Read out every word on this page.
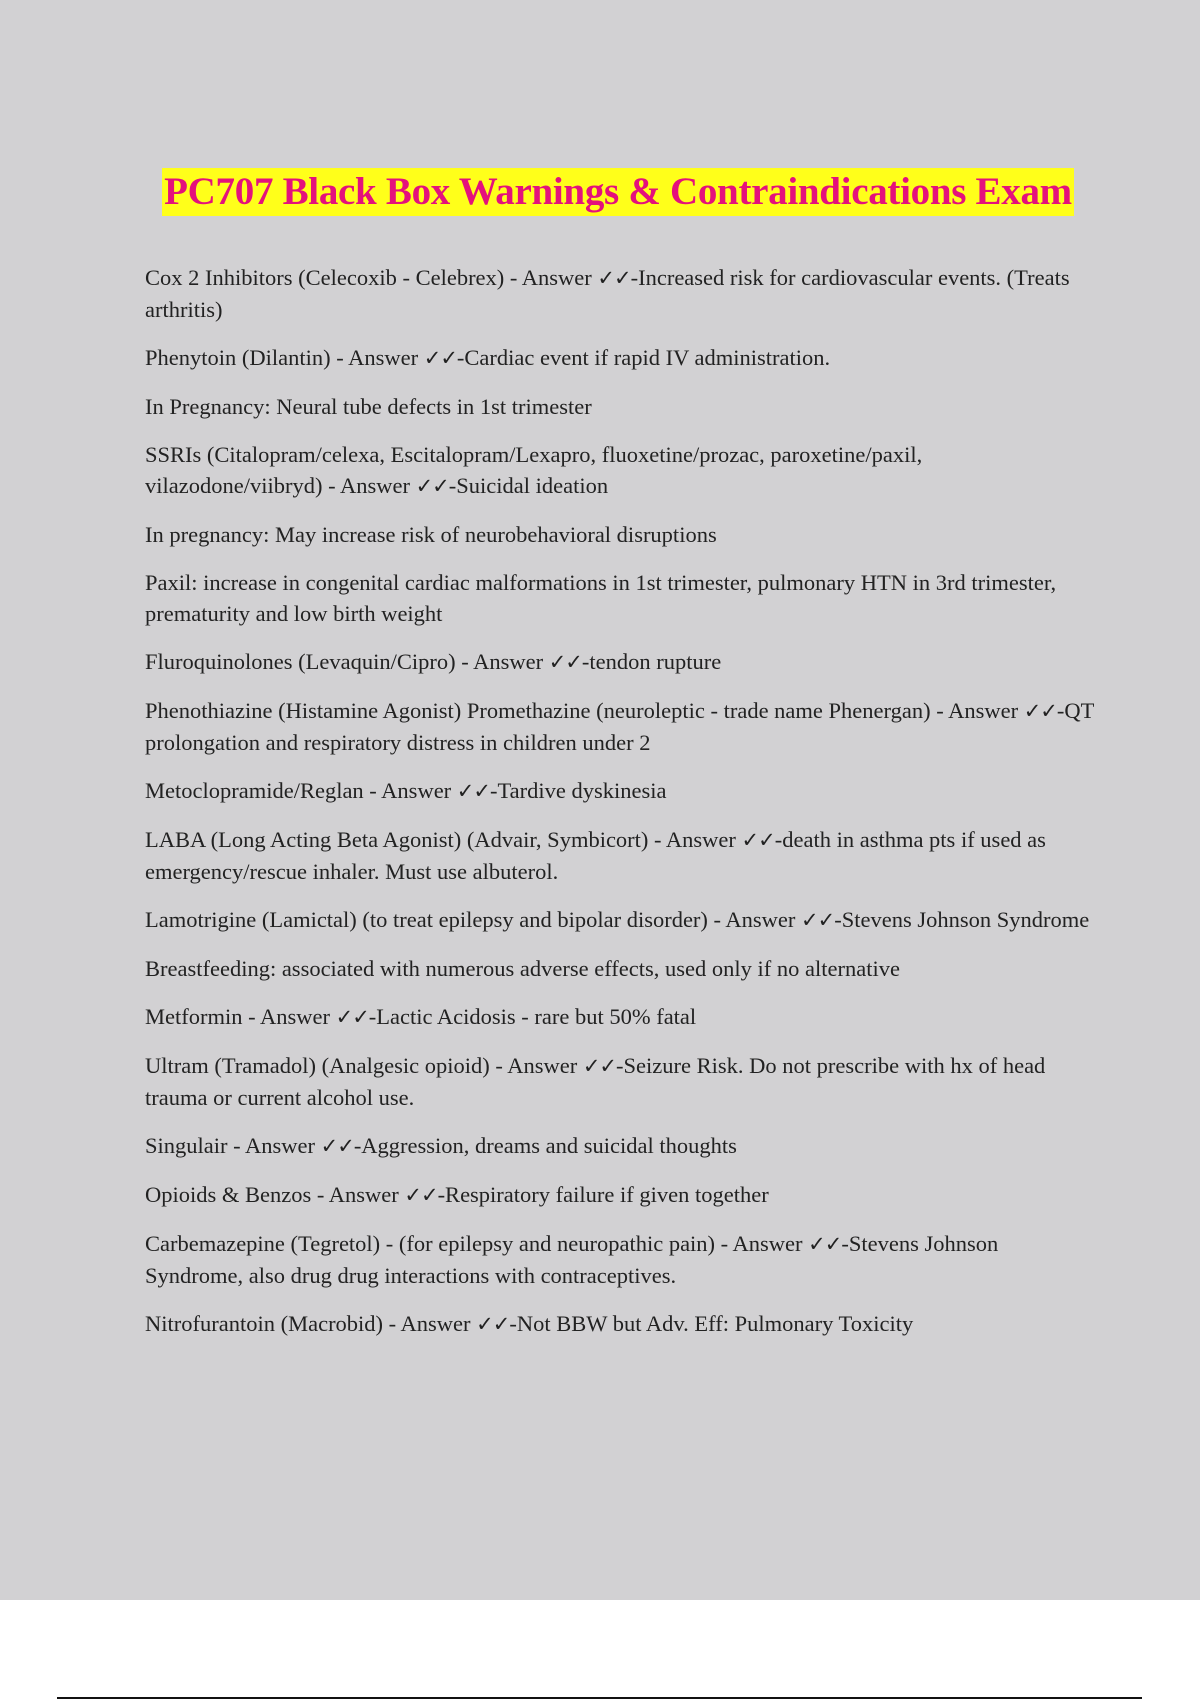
PC707 Black Box Warnings & Contraindications Exam

Cox 2 Inhibitors (Celecoxib - Celebrex) - Answer ✓✓-Increased risk for cardiovascular events. (Treats arthritis)

Phenytoin (Dilantin) - Answer ✓✓-Cardiac event if rapid IV administration.

In Pregnancy: Neural tube defects in 1st trimester

SSRIs (Citalopram/celexa, Escitalopram/Lexapro, fluoxetine/prozac, paroxetine/paxil, vilazodone/viibryd) - Answer ✓✓-Suicidal ideation

In pregnancy: May increase risk of neurobehavioral disruptions

Paxil: increase in congenital cardiac malformations in 1st trimester, pulmonary HTN in 3rd trimester, prematurity and low birth weight

Fluroquinolones (Levaquin/Cipro) - Answer ✓✓-tendon rupture

Phenothiazine (Histamine Agonist) Promethazine (neuroleptic - trade name Phenergan) - Answer ✓✓-QT prolongation and respiratory distress in children under 2

Metoclopramide/Reglan - Answer ✓✓-Tardive dyskinesia

LABA (Long Acting Beta Agonist) (Advair, Symbicort) - Answer ✓✓-death in asthma pts if used as emergency/rescue inhaler. Must use albuterol.

Lamotrigine (Lamictal) (to treat epilepsy and bipolar disorder) - Answer ✓✓-Stevens Johnson Syndrome

Breastfeeding: associated with numerous adverse effects, used only if no alternative

Metformin - Answer ✓✓-Lactic Acidosis - rare but 50% fatal

Ultram (Tramadol) (Analgesic opioid) - Answer ✓✓-Seizure Risk. Do not prescribe with hx of head trauma or current alcohol use.

Singulair - Answer ✓✓-Aggression, dreams and suicidal thoughts

Opioids & Benzos - Answer ✓✓-Respiratory failure if given together

Carbemazepine (Tegretol) - (for epilepsy and neuropathic pain) - Answer ✓✓-Stevens Johnson Syndrome, also drug drug interactions with contraceptives.

Nitrofurantoin (Macrobid) - Answer ✓✓-Not BBW but Adv. Eff: Pulmonary Toxicity
